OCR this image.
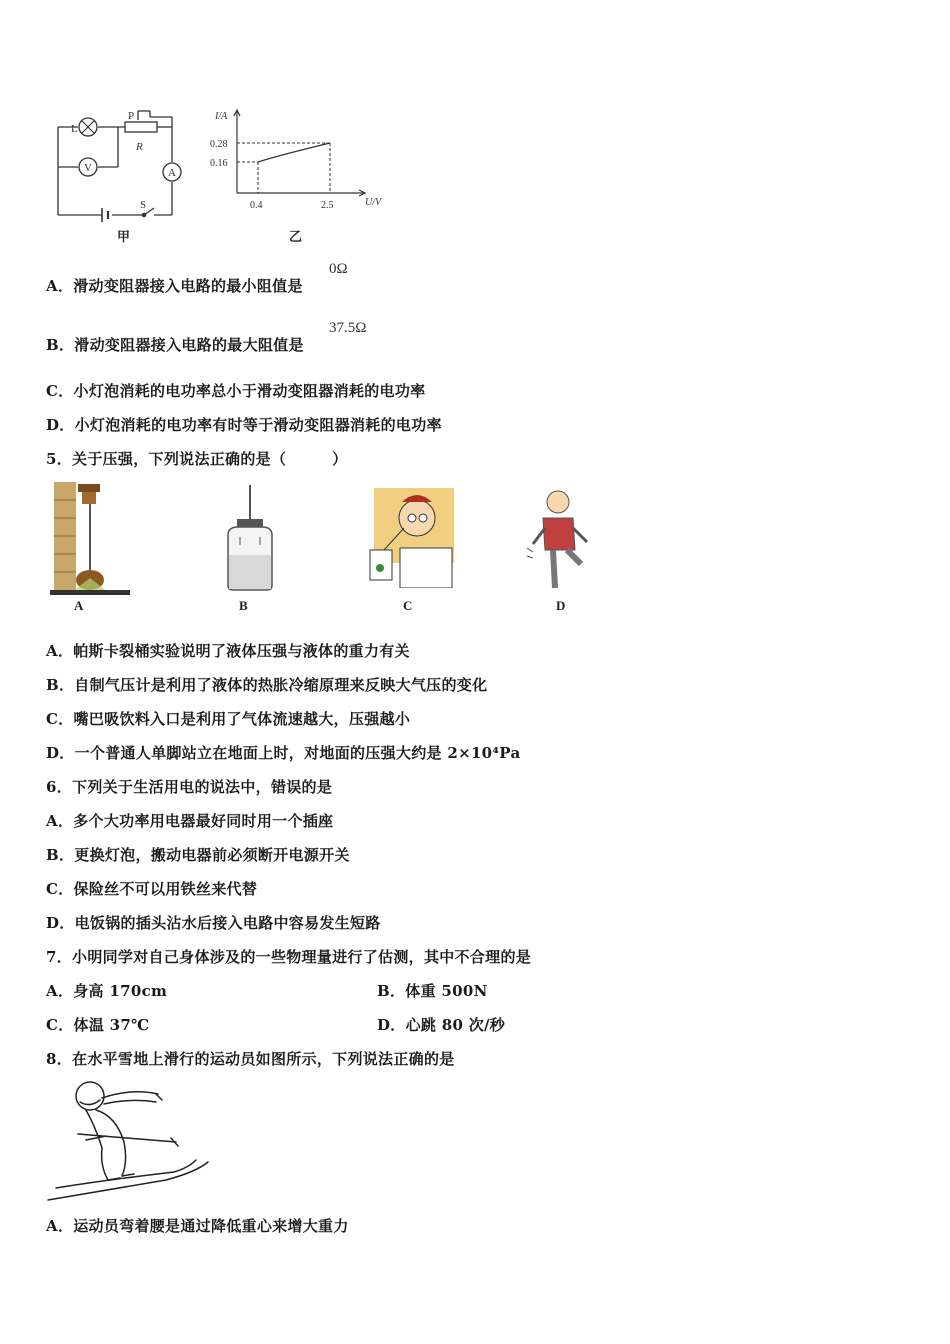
V	A
L
P
R
S
甲
I/A
U/V
0.28
0.16
0.4	2.5
乙
A．滑动变阻器接入电路的最小阻值是
0Ω
B．滑动变阻器接入电路的最大阻值是
37.5Ω
C．小灯泡消耗的电功率总小于滑动变阻器消耗的电功率
D．小灯泡消耗的电功率有时等于滑动变阻器消耗的电功率
5．关于压强，下列说法正确的是（　　　）
A	B	C	D
A．帕斯卡裂桶实验说明了液体压强与液体的重力有关
B．自制气压计是利用了液体的热胀冷缩原理来反映大气压的变化
C．嘴巴吸饮料入口是利用了气体流速越大，压强越小
D．一个普通人单脚站立在地面上时，对地面的压强大约是 2×10⁴Pa
6．下列关于生活用电的说法中，错误的是
A．多个大功率用电器最好同时用一个插座
B．更换灯泡，搬动电器前必须断开电源开关
C．保险丝不可以用铁丝来代替
D．电饭锅的插头沾水后接入电路中容易发生短路
7．小明同学对自己身体涉及的一些物理量进行了估测，其中不合理的是
A．身高 170cm	B．体重 500N
C．体温 37℃	D．心跳 80 次/秒
8．在水平雪地上滑行的运动员如图所示，下列说法正确的是
A．运动员弯着腰是通过降低重心来增大重力
